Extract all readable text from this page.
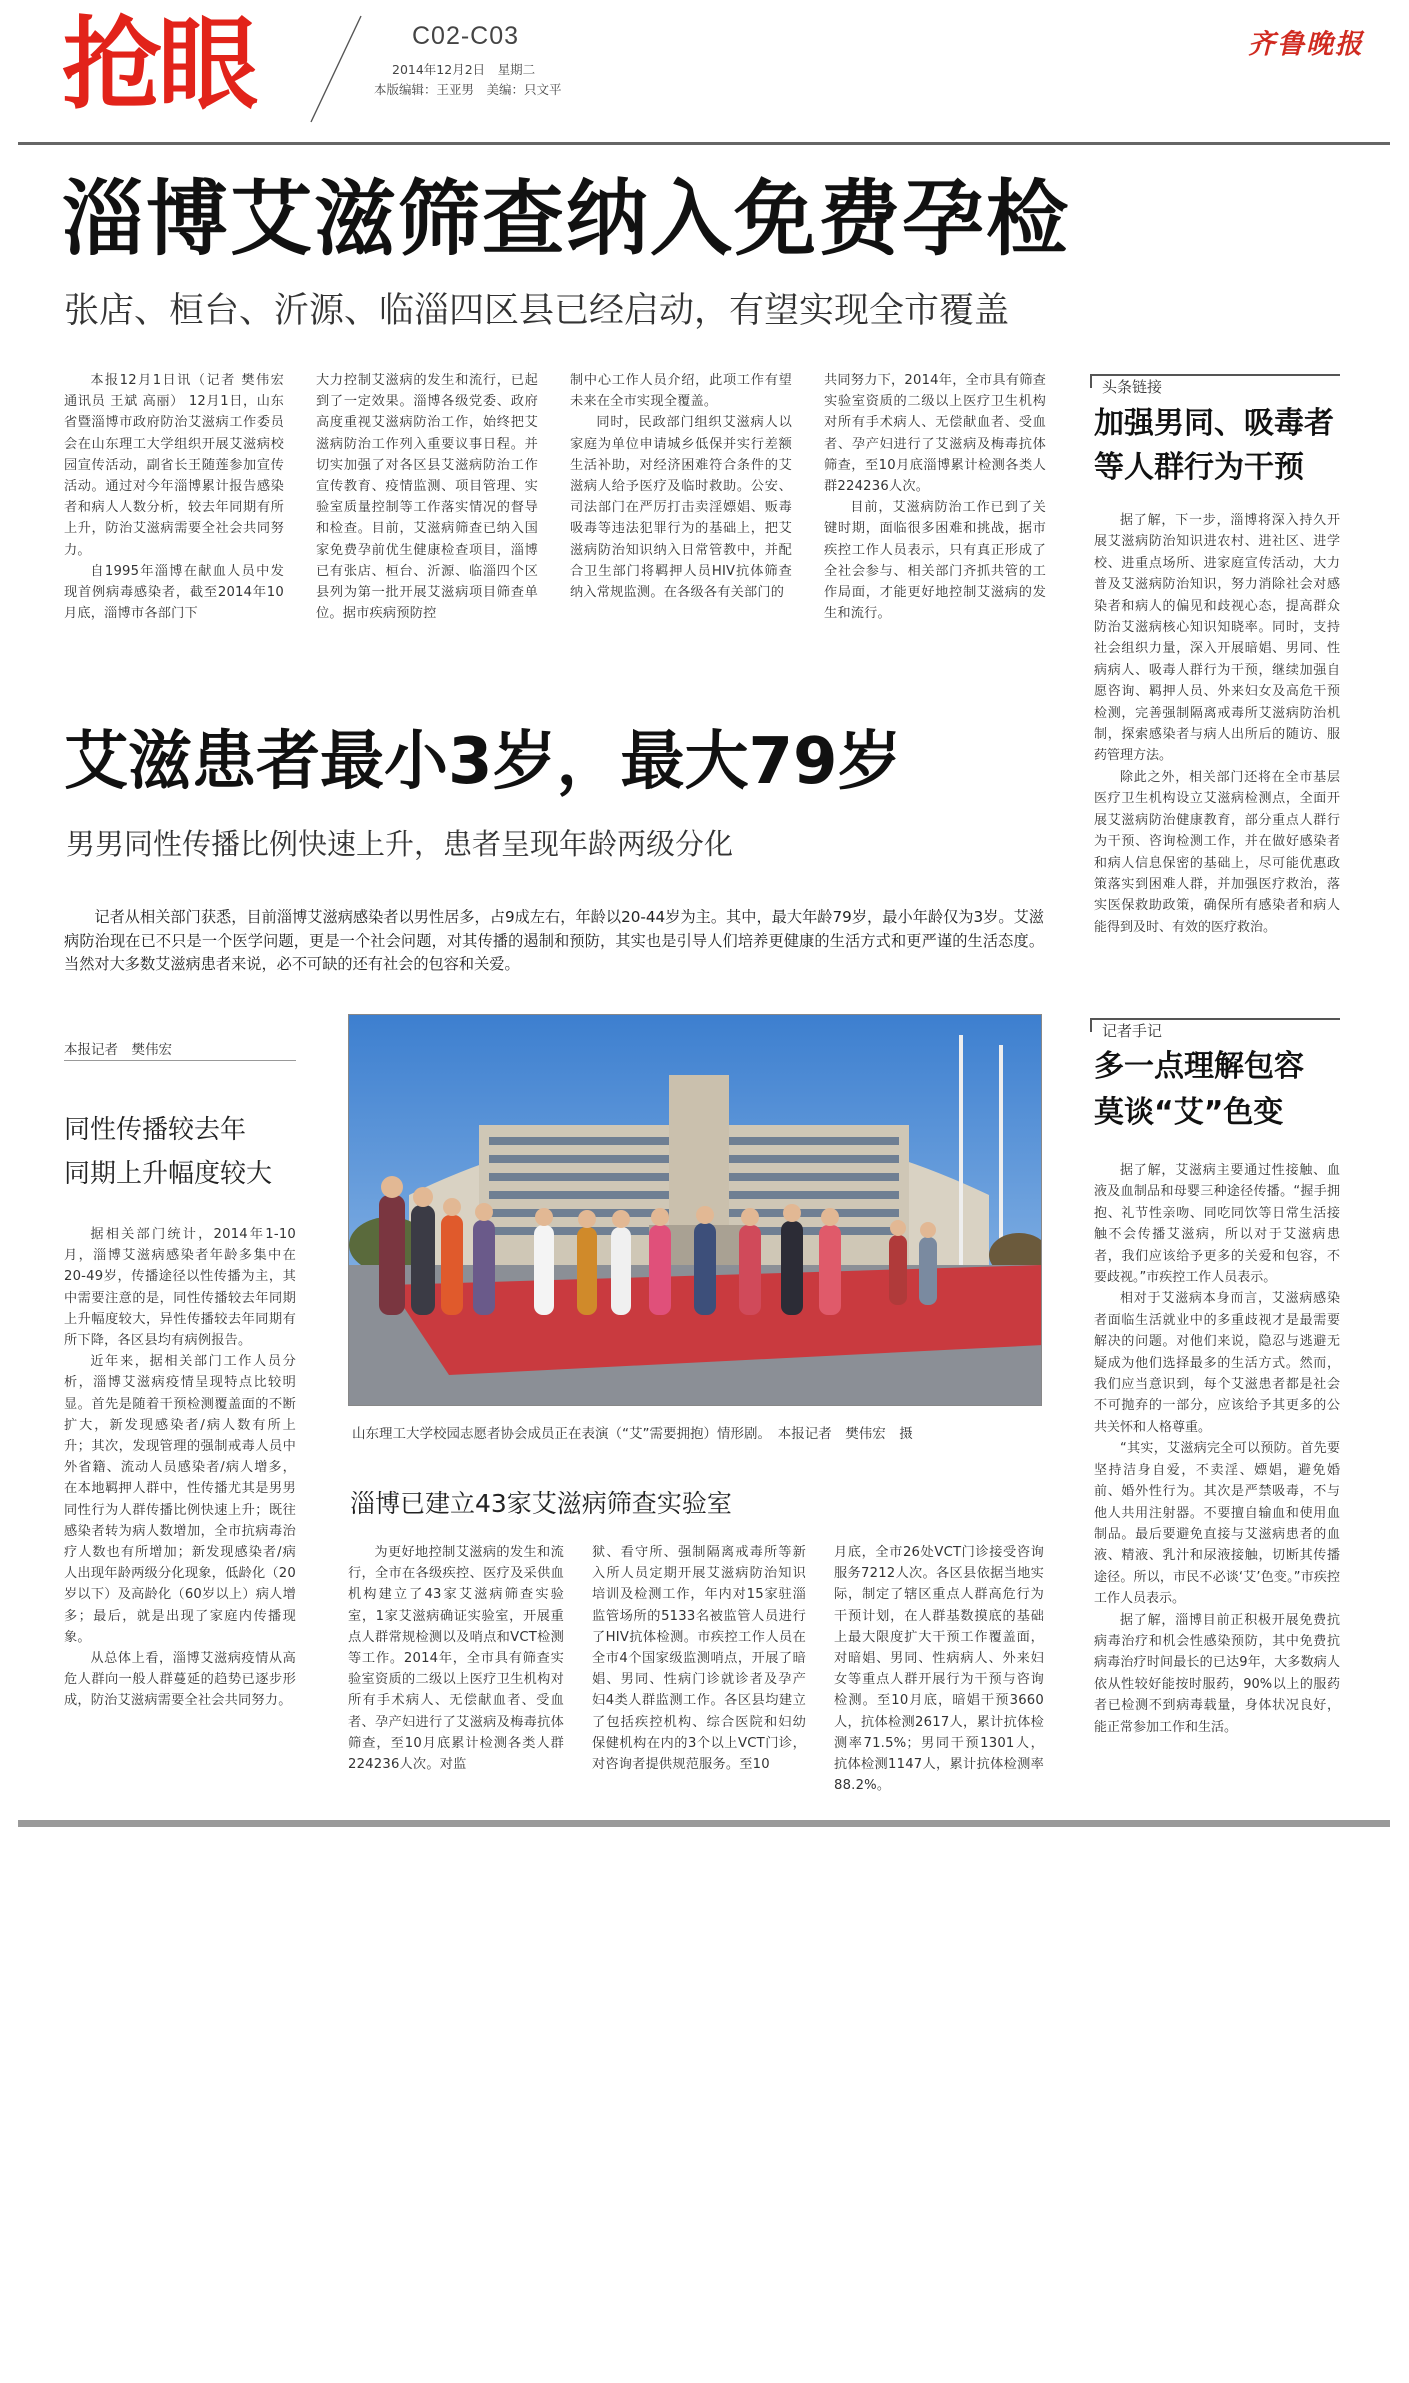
抢眼	C02-C03
2014年12月2日　星期二
本版编辑：王亚男　美编：只文平
齐鲁晚报
淄博艾滋筛查纳入免费孕检
张店、桓台、沂源、临淄四区县已经启动，有望实现全市覆盖

本报12月1日讯（记者 樊伟宏 通讯员 王斌 高丽） 12月1日，山东省暨淄博市政府防治艾滋病工作委员会在山东理工大学组织开展艾滋病校园宣传活动，副省长王随莲参加宣传活动。通过对今年淄博累计报告感染者和病人人数分析，较去年同期有所上升，防治艾滋病需要全社会共同努力。

自1995年淄博在献血人员中发现首例病毒感染者，截至2014年10月底，淄博市各部门下

大力控制艾滋病的发生和流行，已起到了一定效果。淄博各级党委、政府高度重视艾滋病防治工作，始终把艾滋病防治工作列入重要议事日程。并切实加强了对各区县艾滋病防治工作宣传教育、疫情监测、项目管理、实验室质量控制等工作落实情况的督导和检查。目前，艾滋病筛查已纳入国家免费孕前优生健康检查项目，淄博已有张店、桓台、沂源、临淄四个区县列为第一批开展艾滋病项目筛查单位。据市疾病预防控

制中心工作人员介绍，此项工作有望未来在全市实现全覆盖。

同时，民政部门组织艾滋病人以家庭为单位申请城乡低保并实行差额生活补助，对经济困难符合条件的艾滋病人给予医疗及临时救助。公安、司法部门在严厉打击卖淫嫖娼、贩毒吸毒等违法犯罪行为的基础上，把艾滋病防治知识纳入日常管教中，并配合卫生部门将羁押人员HIV抗体筛查纳入常规监测。在各级各有关部门的

共同努力下，2014年，全市具有筛查实验室资质的二级以上医疗卫生机构对所有手术病人、无偿献血者、受血者、孕产妇进行了艾滋病及梅毒抗体筛查，至10月底淄博累计检测各类人群224236人次。

目前，艾滋病防治工作已到了关键时期，面临很多困难和挑战，据市疾控工作人员表示，只有真正形成了全社会参与、相关部门齐抓共管的工作局面，才能更好地控制艾滋病的发生和流行。

头条链接
加强男同、吸毒者
等人群行为干预

据了解，下一步，淄博将深入持久开展艾滋病防治知识进农村、进社区、进学校、进重点场所、进家庭宣传活动，大力普及艾滋病防治知识，努力消除社会对感染者和病人的偏见和歧视心态，提高群众防治艾滋病核心知识知晓率。同时，支持社会组织力量，深入开展暗娼、男同、性病病人、吸毒人群行为干预，继续加强自愿咨询、羁押人员、外来妇女及高危干预检测，完善强制隔离戒毒所艾滋病防治机制，探索感染者与病人出所后的随访、服药管理方法。

除此之外，相关部门还将在全市基层医疗卫生机构设立艾滋病检测点，全面开展艾滋病防治健康教育，部分重点人群行为干预、咨询检测工作，并在做好感染者和病人信息保密的基础上，尽可能优惠政策落实到困难人群，并加强医疗救治，落实医保救助政策，确保所有感染者和病人能得到及时、有效的医疗救治。

艾滋患者最小3岁，最大79岁
男男同性传播比例快速上升，患者呈现年龄两级分化
记者从相关部门获悉，目前淄博艾滋病感染者以男性居多，占9成左右，年龄以20-44岁为主。其中，最大年龄79岁，最小年龄仅为3岁。艾滋病防治现在已不只是一个医学问题，更是一个社会问题，对其传播的遏制和预防，其实也是引导人们培养更健康的生活方式和更严谨的生活态度。当然对大多数艾滋病患者来说，必不可缺的还有社会的包容和关爱。
本报记者　樊伟宏
同性传播较去年
同期上升幅度较大

据相关部门统计，2014年1-10月，淄博艾滋病感染者年龄多集中在20-49岁，传播途径以性传播为主，其中需要注意的是，同性传播较去年同期上升幅度较大，异性传播较去年同期有所下降，各区县均有病例报告。

近年来，据相关部门工作人员分析，淄博艾滋病疫情呈现特点比较明显。首先是随着干预检测覆盖面的不断扩大，新发现感染者/病人数有所上升；其次，发现管理的强制戒毒人员中外省籍、流动人员感染者/病人增多，在本地羁押人群中，性传播尤其是男男同性行为人群传播比例快速上升；既往感染者转为病人数增加，全市抗病毒治疗人数也有所增加；新发现感染者/病人出现年龄两级分化现象，低龄化（20岁以下）及高龄化（60岁以上）病人增多；最后，就是出现了家庭内传播现象。

从总体上看，淄博艾滋病疫情从高危人群向一般人群蔓延的趋势已逐步形成，防治艾滋病需要全社会共同努力。

山东理工大学校园志愿者协会成员正在表演（“艾”需要拥抱）情形剧。　本报记者　樊伟宏　摄
淄博已建立43家艾滋病筛查实验室

为更好地控制艾滋病的发生和流行，全市在各级疾控、医疗及采供血机构建立了43家艾滋病筛查实验室，1家艾滋病确证实验室，开展重点人群常规检测以及哨点和VCT检测等工作。2014年，全市具有筛查实验室资质的二级以上医疗卫生机构对所有手术病人、无偿献血者、受血者、孕产妇进行了艾滋病及梅毒抗体筛查，至10月底累计检测各类人群224236人次。对监

狱、看守所、强制隔离戒毒所等新入所人员定期开展艾滋病防治知识培训及检测工作，年内对15家驻淄监管场所的5133名被监管人员进行了HIV抗体检测。市疾控工作人员在全市4个国家级监测哨点，开展了暗娼、男同、性病门诊就诊者及孕产妇4类人群监测工作。各区县均建立了包括疾控机构、综合医院和妇幼保健机构在内的3个以上VCT门诊，对咨询者提供规范服务。至10

月底，全市26处VCT门诊接受咨询服务7212人次。各区县依据当地实际，制定了辖区重点人群高危行为干预计划，在人群基数摸底的基础上最大限度扩大干预工作覆盖面，对暗娼、男同、性病病人、外来妇女等重点人群开展行为干预与咨询检测。至10月底，暗娼干预3660人，抗体检测2617人，累计抗体检测率71.5%；男同干预1301人，抗体检测1147人，累计抗体检测率88.2%。

记者手记
多一点理解包容
莫谈“艾”色变

据了解，艾滋病主要通过性接触、血液及血制品和母婴三种途径传播。“握手拥抱、礼节性亲吻、同吃同饮等日常生活接触不会传播艾滋病，所以对于艾滋病患者，我们应该给予更多的关爱和包容，不要歧视。”市疾控工作人员表示。

相对于艾滋病本身而言，艾滋病感染者面临生活就业中的多重歧视才是最需要解决的问题。对他们来说，隐忍与逃避无疑成为他们选择最多的生活方式。然而，我们应当意识到，每个艾滋患者都是社会不可抛弃的一部分，应该给予其更多的公共关怀和人格尊重。

“其实，艾滋病完全可以预防。首先要坚持洁身自爱，不卖淫、嫖娼，避免婚前、婚外性行为。其次是严禁吸毒，不与他人共用注射器。不要擅自输血和使用血制品。最后要避免直接与艾滋病患者的血液、精液、乳汁和尿液接触，切断其传播途径。所以，市民不必谈‘艾’色变。”市疾控工作人员表示。

据了解，淄博目前正积极开展免费抗病毒治疗和机会性感染预防，其中免费抗病毒治疗时间最长的已达9年，大多数病人依从性较好能按时服药，90%以上的服药者已检测不到病毒载量，身体状况良好，能正常参加工作和生活。
